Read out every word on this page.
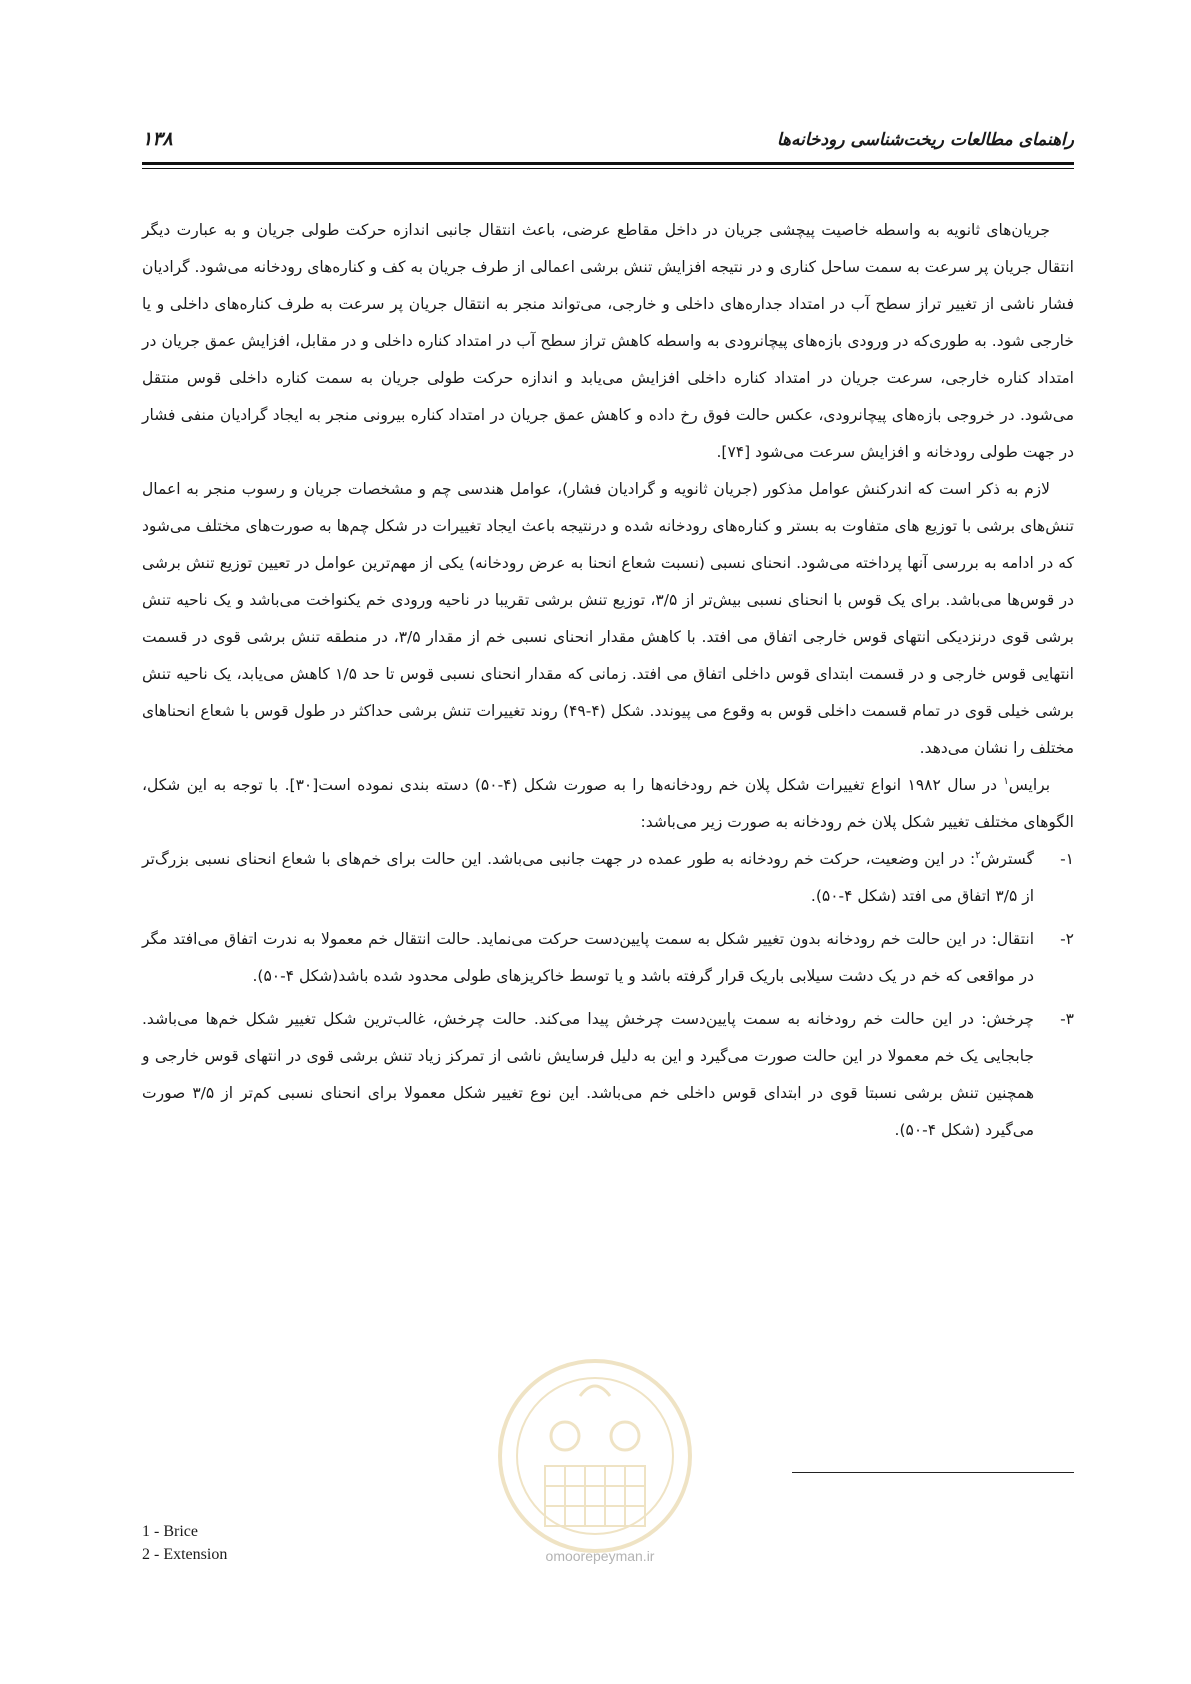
راهنمای مطالعات ریخت‌شناسی رودخانه‌ها
۱۳۸

جریان‌های ثانویه به واسطه خاصیت پیچشی جریان در داخل مقاطع عرضی، باعث انتقال جانبی اندازه حرکت طولی جریان و به عبارت دیگر انتقال جریان پر سرعت به سمت ساحل کناری و در نتیجه افزایش تنش برشی اعمالی از طرف جریان به کف و کناره‌های رودخانه می‌شود. گرادیان فشار ناشی از تغییر تراز سطح آب در امتداد جداره‌های داخلی و خارجی، می‌تواند منجر به انتقال جریان پر سرعت به طرف کناره‌های داخلی و یا خارجی شود. به طوری‌که در ورودی بازه‌های پیچانرودی به واسطه کاهش تراز سطح آب در امتداد کناره داخلی و در مقابل، افزایش عمق جریان در امتداد کناره خارجی، سرعت جریان در امتداد کناره داخلی افزایش می‌یابد و اندازه حرکت طولی جریان به سمت کناره داخلی قوس منتقل می‌شود. در خروجی بازه‌های پیچانرودی، عکس حالت فوق رخ داده و کاهش عمق جریان در امتداد کناره بیرونی منجر به ایجاد گرادیان منفی فشار در جهت طولی رودخانه و افزایش سرعت می‌شود [۷۴].

لازم به ذکر است که اندرکنش عوامل مذکور (جریان ثانویه و گرادیان فشار)، عوامل هندسی چم و مشخصات جریان و رسوب منجر به اعمال تنش‌های برشی با توزیع های متفاوت به بستر و کناره‌های رودخانه شده و درنتیجه باعث ایجاد تغییرات در شکل چم‌ها به صورت‌های مختلف می‌شود که در ادامه به بررسی آنها پرداخته می‌شود. انحنای نسبی (نسبت شعاع انحنا به عرض رودخانه) یکی از مهم‌ترین عوامل در تعیین توزیع تنش برشی در قوس‌ها می‌باشد. برای یک قوس با انحنای نسبی بیش‌تر از ۳/۵، توزیع تنش برشی تقریبا در ناحیه ورودی خم یکنواخت می‌باشد و یک ناحیه تنش برشی قوی درنزدیکی انتهای قوس خارجی اتفاق می افتد. با کاهش مقدار انحنای نسبی خم از مقدار ۳/۵، در منطقه تنش برشی قوی در قسمت انتهایی قوس خارجی و در قسمت ابتدای قوس داخلی اتفاق می افتد. زمانی که مقدار انحنای نسبی قوس تا حد ۱/۵ کاهش می‌یابد، یک ناحیه تنش برشی خیلی قوی در تمام قسمت داخلی قوس به وقوع می پیوندد. شکل (۴-۴۹) روند تغییرات تنش برشی حداکثر در طول قوس با شعاع انحناهای مختلف را نشان می‌دهد.

برایس$^۱$ در سال ۱۹۸۲ انواع تغییرات شکل پلان خم رودخانه‌ها را به صورت شکل (۴-۵۰) دسته بندی نموده است[۳۰]. با توجه به این شکل، الگوهای مختلف تغییر شکل پلان خم رودخانه به صورت زیر می‌باشد:

۱-
گسترش$^۲$: در این وضعیت، حرکت خم رودخانه به طور عمده در جهت جانبی می‌باشد. این حالت برای خم‌های با شعاع انحنای نسبی بزرگ‌تر از ۳/۵ اتفاق می افتد (شکل ۴-۵۰).
۲-
انتقال: در این حالت خم رودخانه بدون تغییر شکل به سمت پایین‌دست حرکت می‌نماید. حالت انتقال خم معمولا به ندرت اتفاق می‌افتد مگر در مواقعی که خم در یک دشت سیلابی باریک قرار گرفته باشد و یا توسط خاکریزهای طولی محدود شده باشد(شکل ۴-۵۰).
۳-
چرخش: در این حالت خم رودخانه به سمت پایین‌دست چرخش پیدا می‌کند. حالت چرخش، غالب‌ترین شکل تغییر شکل خم‌ها می‌باشد. جابجایی یک خم معمولا در این حالت صورت می‌گیرد و این به دلیل فرسایش ناشی از تمرکز زیاد تنش برشی قوی در انتهای قوس خارجی و همچنین تنش برشی نسبتا قوی در ابتدای قوس داخلی خم می‌باشد. این نوع تغییر شکل معمولا برای انحنای نسبی کم‌تر از ۳/۵ صورت می‌گیرد (شکل ۴-۵۰).
1 - Brice
2 - Extension	omoorepeyman.ir
